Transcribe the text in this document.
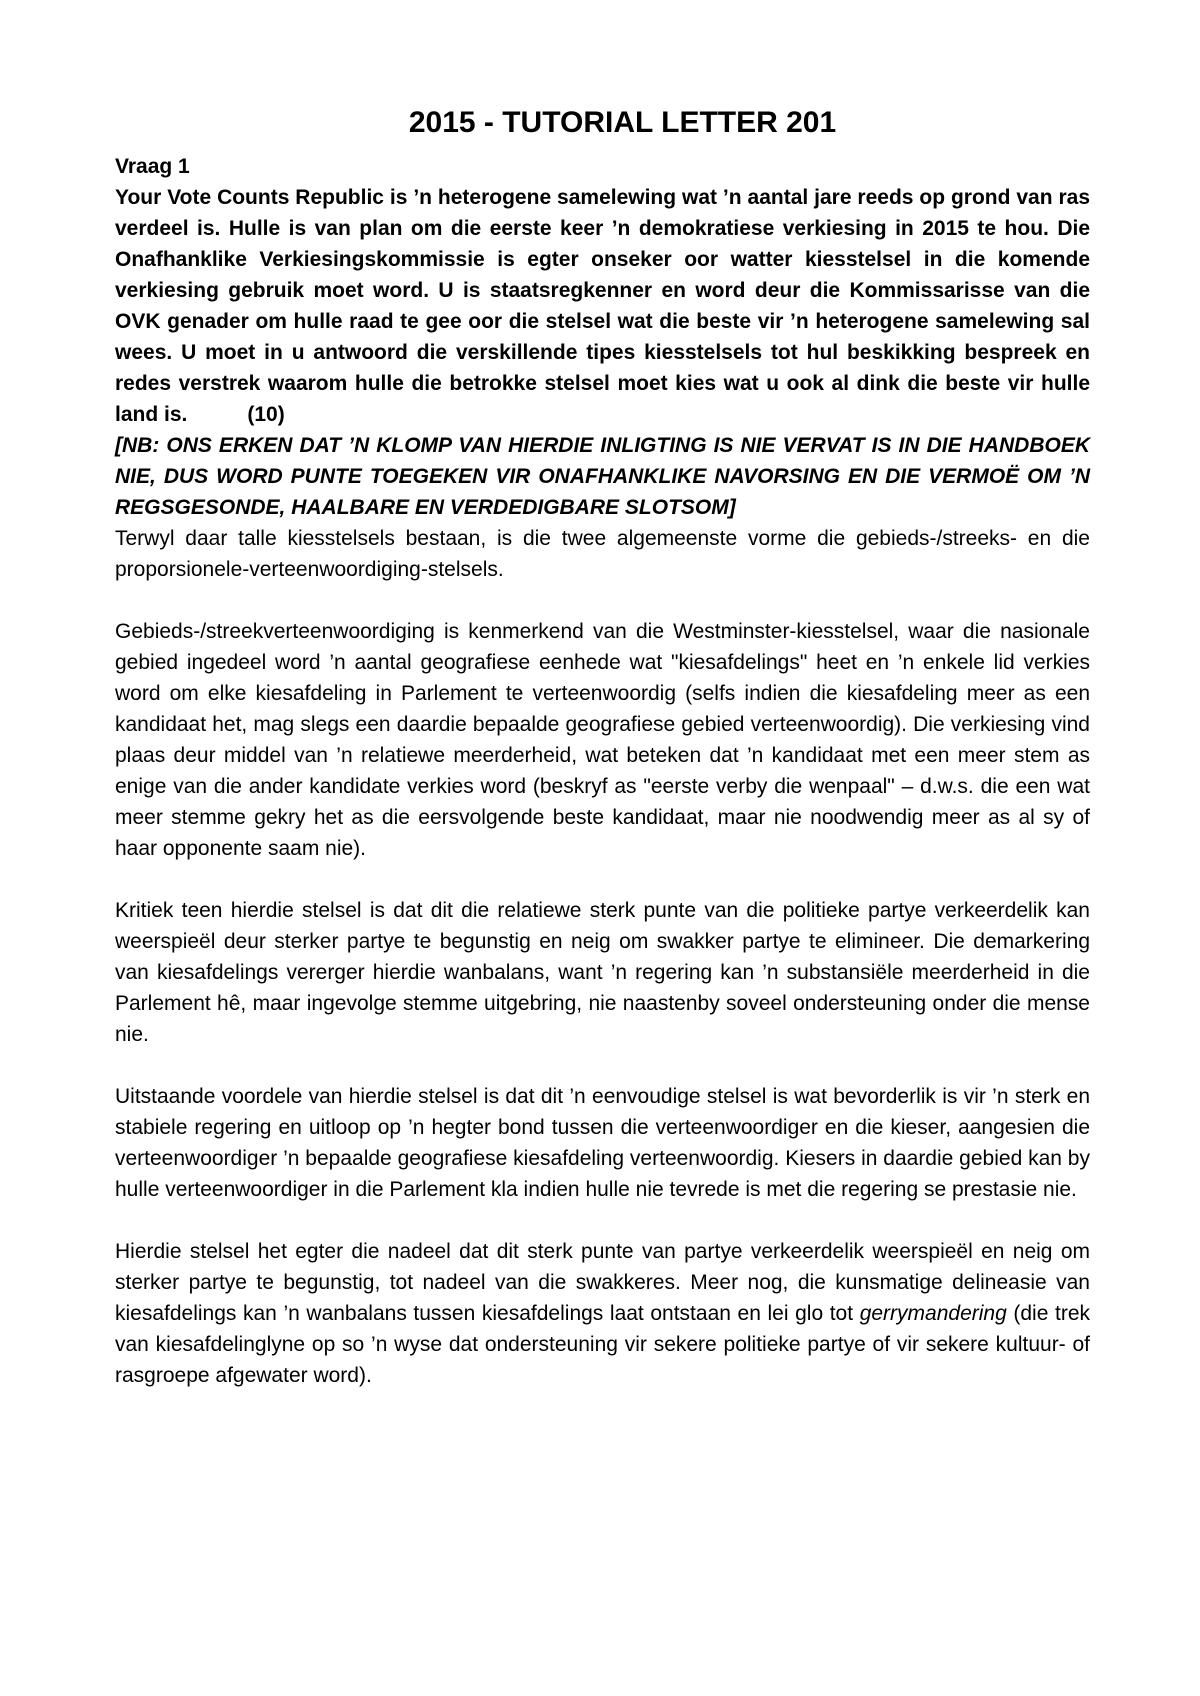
2015 - TUTORIAL LETTER 201

Vraag 1

Your Vote Counts Republic is ’n heterogene samelewing wat ’n aantal jare reeds op grond van ras verdeel is. Hulle is van plan om die eerste keer ’n demokratiese verkiesing in 2015 te hou. Die Onafhanklike Verkiesingskommissie is egter onseker oor watter kiesstelsel in die komende verkiesing gebruik moet word. U is staatsregkenner en word deur die Kommissarisse van die OVK genader om hulle raad te gee oor die stelsel wat die beste vir ’n heterogene samelewing sal wees. U moet in u antwoord die verskillende tipes kiesstelsels tot hul beskikking bespreek en redes verstrek waarom hulle die betrokke stelsel moet kies wat u ook al dink die beste vir hulle land is.	(10)

[NB: ONS ERKEN DAT ’N KLOMP VAN HIERDIE INLIGTING IS NIE VERVAT IS IN DIE HANDBOEK NIE, DUS WORD PUNTE TOEGEKEN VIR ONAFHANKLIKE NAVORSING EN DIE VERMOË OM ’N REGSGESONDE, HAALBARE EN VERDEDIGBARE SLOTSOM]

Terwyl daar talle kiesstelsels bestaan, is die twee algemeenste vorme die gebieds-/streeks- en die proporsionele-verteenwoordiging-stelsels.

Gebieds-/streekverteenwoordiging is kenmerkend van die Westminster-kiesstelsel, waar die nasionale gebied ingedeel word ’n aantal geografiese eenhede wat "kiesafdelings" heet en ’n enkele lid verkies word om elke kiesafdeling in Parlement te verteenwoordig (selfs indien die kiesafdeling meer as een kandidaat het, mag slegs een daardie bepaalde geografiese gebied verteenwoordig). Die verkiesing vind plaas deur middel van ’n relatiewe meerderheid, wat beteken dat ’n kandidaat met een meer stem as enige van die ander kandidate verkies word (beskryf as "eerste verby die wenpaal" – d.w.s. die een wat meer stemme gekry het as die eersvolgende beste kandidaat, maar nie noodwendig meer as al sy of haar opponente saam nie).

Kritiek teen hierdie stelsel is dat dit die relatiewe sterk punte van die politieke partye verkeerdelik kan weerspieël deur sterker partye te begunstig en neig om swakker partye te elimineer. Die demarkering van kiesafdelings vererger hierdie wanbalans, want ’n regering kan ’n substansiële meerderheid in die Parlement hê, maar ingevolge stemme uitgebring, nie naastenby soveel ondersteuning onder die mense nie.

Uitstaande voordele van hierdie stelsel is dat dit ’n eenvoudige stelsel is wat bevorderlik is vir ’n sterk en stabiele regering en uitloop op ’n hegter bond tussen die verteenwoordiger en die kieser, aangesien die verteenwoordiger ’n bepaalde geografiese kiesafdeling verteenwoordig. Kiesers in daardie gebied kan by hulle verteenwoordiger in die Parlement kla indien hulle nie tevrede is met die regering se prestasie nie.

Hierdie stelsel het egter die nadeel dat dit sterk punte van partye verkeerdelik weerspieël en neig om sterker partye te begunstig, tot nadeel van die swakkeres. Meer nog, die kunsmatige delineasie van kiesafdelings kan ’n wanbalans tussen kiesafdelings laat ontstaan en lei glo tot gerrymandering (die trek van kiesafdelinglyne op so ’n wyse dat ondersteuning vir sekere politieke partye of vir sekere kultuur- of rasgroepe afgewater word).
